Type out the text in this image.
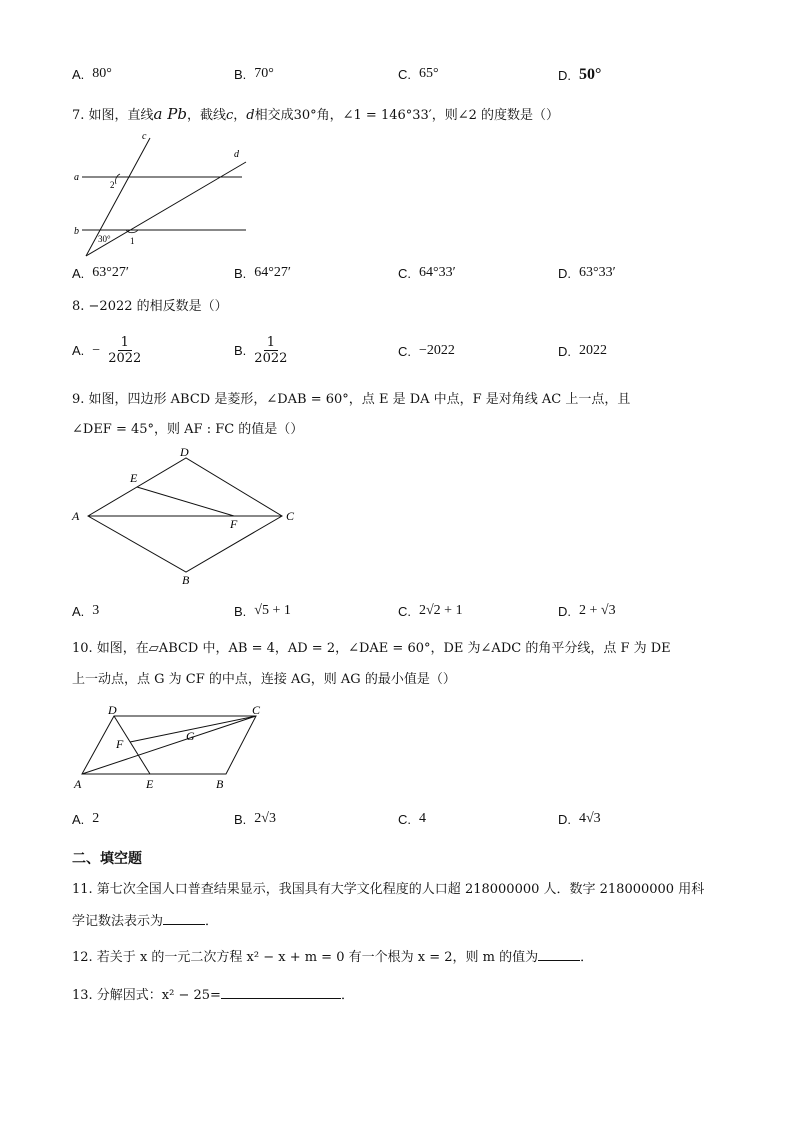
A. 80°	B. 70°	C. 65°	D. 50°
7. 如图，直线a Pb，截线c，d相交成30°角，∠1 = 146°33′，则∠2 的度数是（）
c
d
a
b
2
30° 1
A. 63°27′	B. 64°27′	C. 64°33′	D. 63°33′
8. −2022 的相反数是（）
A. − $\frac{1}{2022}$	B. $\frac{1}{2022}$	C. −2022	D. 2022
9. 如图，四边形 ABCD 是菱形，∠DAB = 60°，点 E 是 DA 中点，F 是对角线 AC 上一点，且
∠DEF = 45°，则 AF : FC 的值是（）
D
E
A
F
C
B
A. 3	B. √5 + 1	C. 2√2 + 1	D. 2 + √3
10. 如图，在▱ABCD 中，AB = 4，AD = 2，∠DAE = 60°，DE 为∠ADC 的角平分线，点 F 为 DE
上一动点，点 G 为 CF 的中点，连接 AG，则 AG 的最小值是（）
D	C
F
G
A	E	B
A. 2	B. 2√3	C. 4	D. 4√3
二、填空题
11. 第七次全国人口普查结果显示，我国具有大学文化程度的人口超 218000000 人．数字 218000000 用科
学记数法表示为	．
12. 若关于 x 的一元二次方程 x² − x + m = 0 有一个根为 x = 2，则 m 的值为	．
13. 分解因式：x² − 25=	．
